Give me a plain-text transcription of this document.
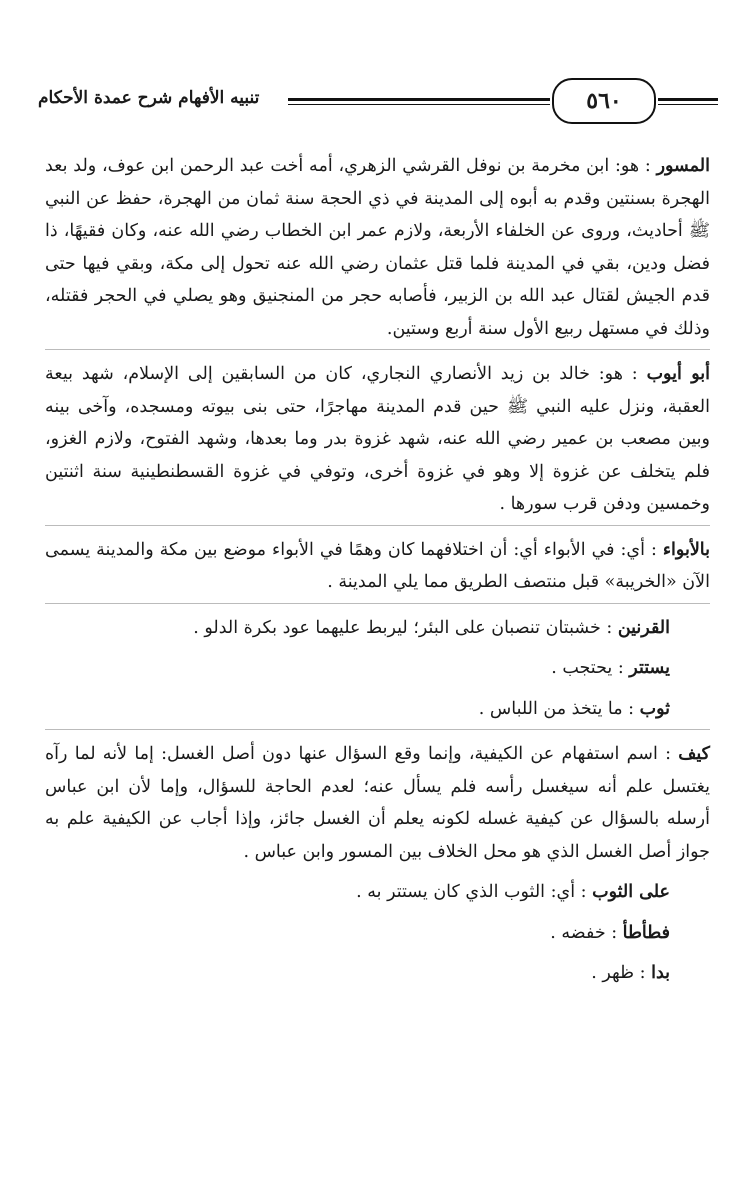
تنبيه الأفهام شرح عمدة الأحكام	٥٦٠

المسور : هو: ابن مخرمة بن نوفل القرشي الزهري، أمه أخت عبد الرحمن ابن عوف، ولد بعد الهجرة بسنتين وقدم به أبوه إلى المدينة في ذي الحجة سنة ثمان من الهجرة، حفظ عن النبي ﷺ أحاديث، وروى عن الخلفاء الأربعة، ولازم عمر ابن الخطاب رضي الله عنه، وكان فقيهًا، ذا فضل ودين، بقي في المدينة فلما قتل عثمان رضي الله عنه تحول إلى مكة، وبقي فيها حتى قدم الجيش لقتال عبد الله بن الزبير، فأصابه حجر من المنجنيق وهو يصلي في الحجر فقتله، وذلك في مستهل ربيع الأول سنة أربع وستين.

أبو أيوب : هو: خالد بن زيد الأنصاري النجاري، كان من السابقين إلى الإسلام، شهد بيعة العقبة، ونزل عليه النبي ﷺ حين قدم المدينة مهاجرًا، حتى بنى بيوته ومسجده، وآخى بينه وبين مصعب بن عمير رضي الله عنه، شهد غزوة بدر وما بعدها، وشهد الفتوح، ولازم الغزو، فلم يتخلف عن غزوة إلا وهو في غزوة أخرى، وتوفي في غزوة القسطنطينية سنة اثنتين وخمسين ودفن قرب سورها .

بالأبواء : أي: في الأبواء أي: أن اختلافهما كان وهمًا في الأبواء موضع بين مكة والمدينة يسمى الآن «الخريبة» قبل منتصف الطريق مما يلي المدينة .

القرنين : خشبتان تنصبان على البئر؛ ليربط عليهما عود بكرة الدلو .

يستتر : يحتجب .

ثوب : ما يتخذ من اللباس .

كيف : اسم استفهام عن الكيفية، وإنما وقع السؤال عنها دون أصل الغسل: إما لأنه لما رآه يغتسل علم أنه سيغسل رأسه فلم يسأل عنه؛ لعدم الحاجة للسؤال، وإما لأن ابن عباس أرسله بالسؤال عن كيفية غسله لكونه يعلم أن الغسل جائز، وإذا أجاب عن الكيفية علم به جواز أصل الغسل الذي هو محل الخلاف بين المسور وابن عباس .

على الثوب : أي: الثوب الذي كان يستتر به .

فطأطأ : خفضه .

بدا : ظهر .
